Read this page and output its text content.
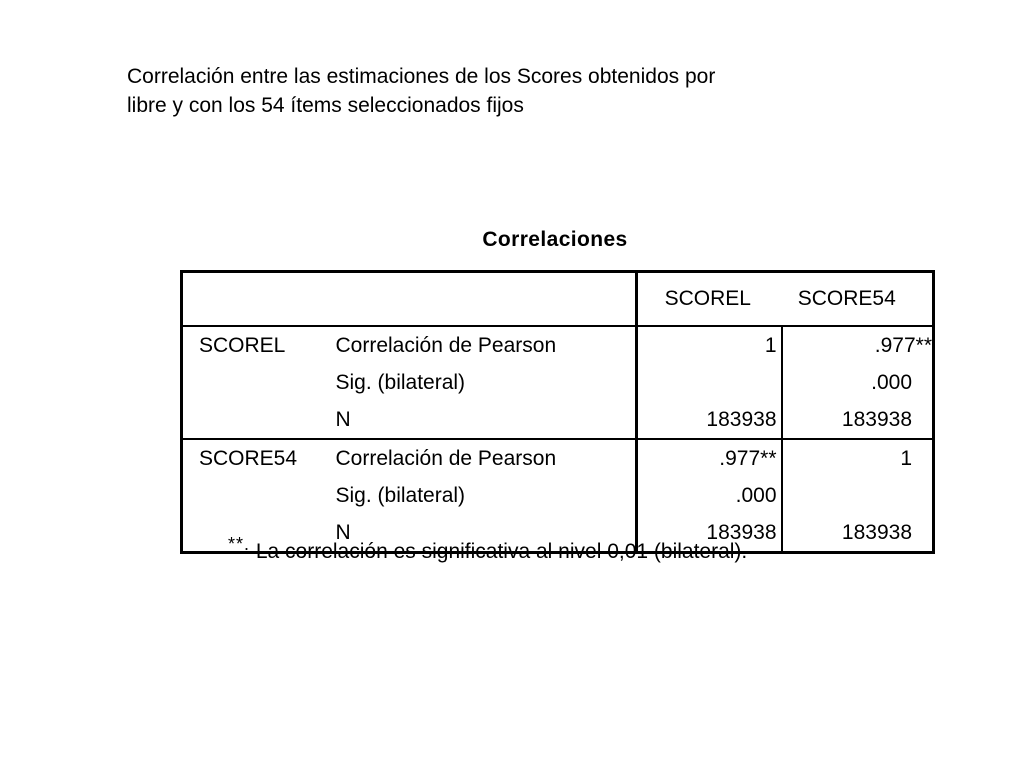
Correlación entre las estimaciones de los Scores obtenidos por
libre y con los 54 ítems seleccionados fijos

Correlaciones
		SCOREL	SCORE54
SCOREL	Correlación de Pearson	1	.977**
	Sig. (bilateral)		.000
	N	183938	183938
SCORE54	Correlación de Pearson	.977**	1
	Sig. (bilateral)	.000	
	N	183938	183938
**. La correlación es significativa al nivel 0,01 (bilateral).
